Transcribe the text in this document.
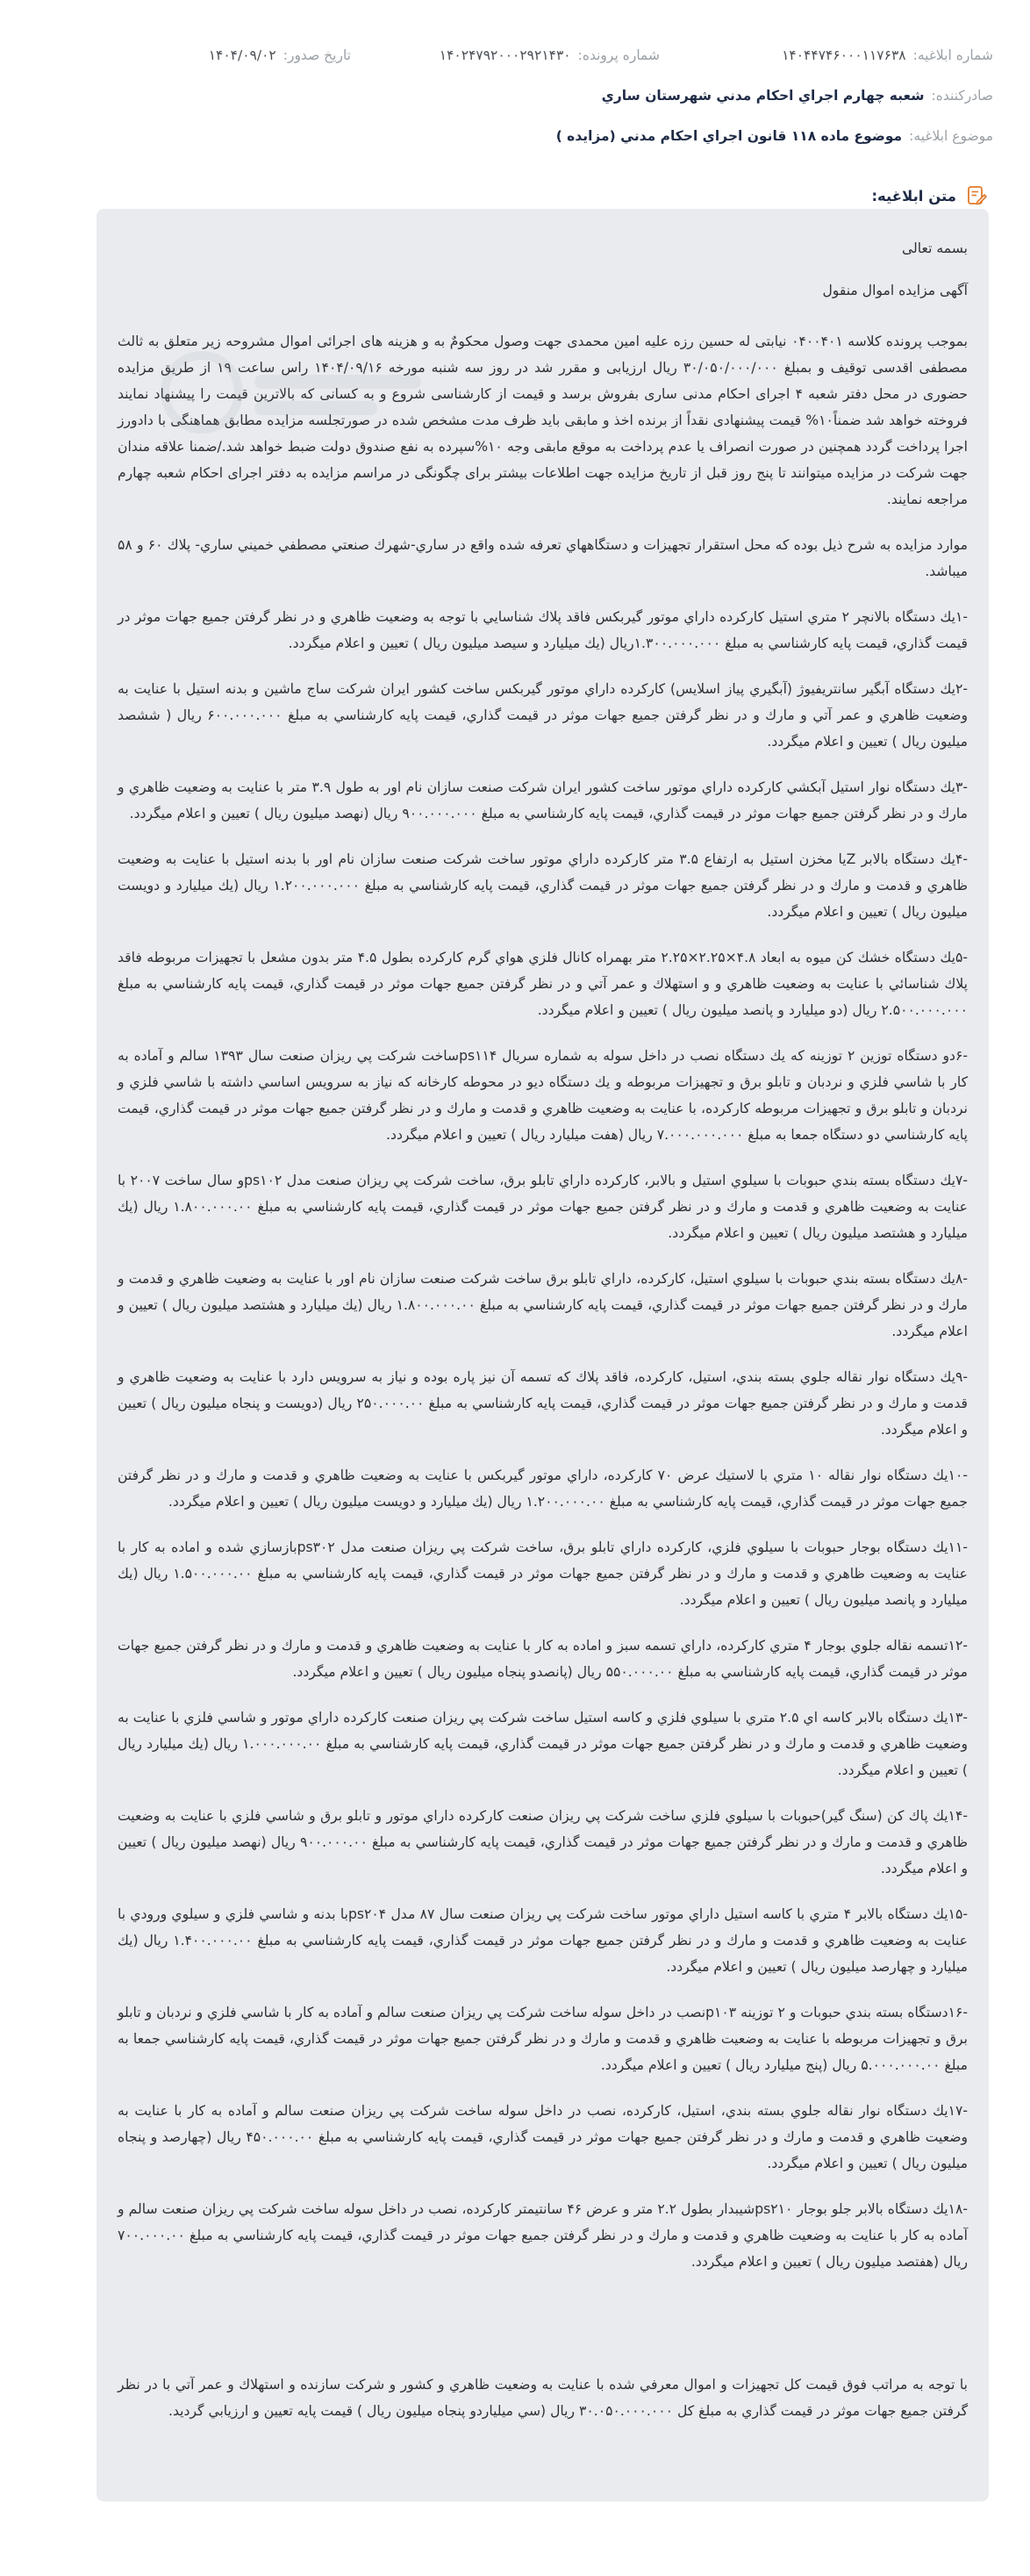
شماره ابلاغیه:
۱۴۰۴۴۷۴۶۰۰۰۱۱۷۶۳۸
شماره پرونده:
۱۴۰۲۴۷۹۲۰۰۰۲۹۲۱۴۳۰
تاریخ صدور:
۱۴۰۴/۰۹/۰۲
صادرکننده:
شعبه چهارم اجراي احكام مدني شهرستان ساري
موضوع ابلاغیه:
موضوع ماده ۱۱۸ قانون اجراي احكام مدني (مزايده )
متن ابلاغیه:

بسمه تعالی

آگهی مزایده اموال منقول

بموجب پرونده كلاسه ۰۴۰۰۴۰۱ نیابتی له حسین رزه علیه امین محمدی جهت وصول محکومٌ به و هزینه های اجرائی اموال مشروحه زیر متعلق به ثالث مصطفی اقدسی توقیف و بمبلغ ۳۰/۰۵۰/۰۰۰/۰۰۰ ریال ارزیابی و مقرر شد در روز سه شنبه مورخه ۱۴۰۴/۰۹/۱۶ راس ساعت ۱۹ از طریق مزایده حضوری در محل دفتر شعبه ۴ اجرای احکام مدنی ساری بفروش برسد و قیمت از کارشناسی شروع و به کسانی که بالاترین قیمت را پیشنهاد نمایند فروخته خواهد شد ضمناً۱۰% قیمت پیشنهادی نقداً از برنده اخذ و مابقی باید ظرف مدت مشخص شده در صورتجلسه مزایده مطابق هماهنگی با دادورز اجرا پرداخت گردد همچنین در صورت انصراف یا عدم پرداخت به موقع مابقی وجه ۱۰%سپرده به نفع صندوق دولت ضبط خواهد شد./ضمنا علاقه مندان جهت شرکت در مزایده میتوانند تا پنج روز قبل از تاریخ مزایده جهت اطلاعات بیشتر برای چگونگی در مراسم مزایده به دفتر اجرای احکام شعبه چهارم مراجعه نمایند.

موارد مزايده به شرح ذيل بوده كه محل استقرار تجهيزات و دستگاههاي تعرفه شده واقع در ساري-شهرك صنعتي مصطفي خميني ساري- پلاك ۶۰ و ۵۸ ميباشد.

-۱يك دستگاه بالانچر ۲ متري استيل كاركرده داراي موتور گيربكس فاقد پلاك شناسايي با توجه به وضعيت ظاهري و در نظر گرفتن جميع جهات موثر در قيمت گذاري، قيمت پايه كارشناسي به مبلغ ۱.۳۰۰.۰۰۰.۰۰۰ريال (يك ميليارد و سيصد ميليون ريال ) تعيين و اعلام ميگردد.

-۲يك دستگاه آبگير سانتريفيوژ (آبگيري پياز اسلايس) كاركرده داراي موتور گيربكس ساخت كشور ايران شركت ساج ماشين و بدنه استيل با عنايت به وضعيت ظاهري و عمر آتي و مارك و در نظر گرفتن جميع جهات موثر در قيمت گذاري، قيمت پايه كارشناسي به مبلغ ۶۰۰.۰۰۰.۰۰۰ ريال ( ششصد ميليون ريال ) تعيين و اعلام ميگردد.

-۳يك دستگاه نوار استيل آبكشي كاركرده داراي موتور ساخت كشور ايران شركت صنعت سازان نام اور به طول ۳.۹ متر با عنايت به وضعيت ظاهري و مارك و در نظر گرفتن جميع جهات موثر در قيمت گذاري، قيمت پايه كارشناسي به مبلغ ۹۰۰.۰۰۰.۰۰۰ ريال (نهصد ميليون ريال ) تعيين و اعلام ميگردد.

-۴يك دستگاه بالابر Zيا مخزن استيل به ارتفاع ۳.۵ متر كاركرده داراي موتور ساخت شركت صنعت سازان نام اور با بدنه استيل با عنايت به وضعيت ظاهري و قدمت و مارك و در نظر گرفتن جميع جهات موثر در قيمت گذاري، قيمت پايه كارشناسي به مبلغ ۱.۲۰۰.۰۰۰.۰۰۰ ريال (يك ميليارد و دويست ميليون ريال ) تعيين و اعلام ميگردد.

-۵يك دستگاه خشك كن ميوه به ابعاد ۴.۸×۲.۲۵×۲.۲۵ متر بهمراه كانال فلزي هواي گرم كاركرده بطول ۴.۵ متر بدون مشعل با تجهيزات مربوطه فاقد پلاك شناسائي با عنايت به وضعيت ظاهري و و استهلاك و عمر آتي و در نظر گرفتن جميع جهات موثر در قيمت گذاري، قيمت پايه كارشناسي به مبلغ ۲.۵۰۰.۰۰۰.۰۰۰ ريال (دو ميليارد و پانصد ميليون ريال ) تعيين و اعلام ميگردد.

-۶دو دستگاه توزين ۲ توزينه كه يك دستگاه نصب در داخل سوله به شماره سريال ps۱۱۴ساخت شركت پي ريزان صنعت سال ۱۳۹۳ سالم و آماده به كار با شاسي فلزي و نردبان و تابلو برق و تجهيزات مربوطه و يك دستگاه ديو در محوطه كارخانه كه نياز به سرويس اساسي داشته با شاسي فلزي و نردبان و تابلو برق و تجهيزات مربوطه كاركرده، با عنايت به وضعيت ظاهري و قدمت و مارك و در نظر گرفتن جميع جهات موثر در قيمت گذاري، قيمت پايه كارشناسي دو دستگاه جمعا به مبلغ ۷.۰۰۰.۰۰۰.۰۰۰ ريال (هفت ميليارد ريال ) تعيين و اعلام ميگردد.

-۷يك دستگاه بسته بندي حبوبات با سيلوي استيل و بالابر، كاركرده داراي تابلو برق، ساخت شركت پي ريزان صنعت مدل ps۱۰۲و سال ساخت ۲۰۰۷ با عنايت به وضعيت ظاهري و قدمت و مارك و در نظر گرفتن جميع جهات موثر در قيمت گذاري، قيمت پايه كارشناسي به مبلغ ۱.۸۰۰.۰۰۰.۰۰ ريال (يك ميليارد و هشتصد ميليون ريال ) تعيين و اعلام ميگردد.

-۸يك دستگاه بسته بندي حبوبات با سيلوي استيل، كاركرده، داراي تابلو برق ساخت شركت صنعت سازان نام اور با عنايت به وضعيت ظاهري و قدمت و مارك و در نظر گرفتن جميع جهات موثر در قيمت گذاري، قيمت پايه كارشناسي به مبلغ ۱.۸۰۰.۰۰۰.۰۰ ريال (يك ميليارد و هشتصد ميليون ريال ) تعيين و اعلام ميگردد.

-۹يك دستگاه نوار نقاله جلوي بسته بندي، استيل، كاركرده، فاقد پلاك كه تسمه آن نيز پاره بوده و نياز به سرويس دارد با عنايت به وضعيت ظاهري و قدمت و مارك و در نظر گرفتن جميع جهات موثر در قيمت گذاري، قيمت پايه كارشناسي به مبلغ ۲۵۰.۰۰۰.۰۰ ريال (دويست و پنجاه ميليون ريال ) تعيين و اعلام ميگردد.

-۱۰يك دستگاه نوار نقاله ۱۰ متري با لاستيك عرض ۷۰ كاركرده، داراي موتور گيربكس با عنايت به وضعيت ظاهري و قدمت و مارك و در نظر گرفتن جميع جهات موثر در قيمت گذاري، قيمت پايه كارشناسي به مبلغ ۱.۲۰۰.۰۰۰.۰۰ ريال (يك ميليارد و دويست ميليون ريال ) تعيين و اعلام ميگردد.

-۱۱يك دستگاه بوجار حبوبات با سيلوي فلزي، كاركرده داراي تابلو برق، ساخت شركت پي ريزان صنعت مدل ps۳۰۲بازسازي شده و اماده به كار با عنايت به وضعيت ظاهري و قدمت و مارك و در نظر گرفتن جميع جهات موثر در قيمت گذاري، قيمت پايه كارشناسي به مبلغ ۱.۵۰۰.۰۰۰.۰۰ ريال (يك ميليارد و پانصد ميليون ريال ) تعيين و اعلام ميگردد.

-۱۲تسمه نقاله جلوي بوجار ۴ متري كاركرده، داراي تسمه سبز و اماده به كار با عنايت به وضعيت ظاهري و قدمت و مارك و در نظر گرفتن جميع جهات موثر در قيمت گذاري، قيمت پايه كارشناسي به مبلغ ۵۵۰.۰۰۰.۰۰ ريال (پانصدو پنجاه ميليون ريال ) تعيين و اعلام ميگردد.

-۱۳يك دستگاه بالابر كاسه اي ۲.۵ متري با سيلوي فلزي و كاسه استيل ساخت شركت پي ريزان صنعت كاركرده داراي موتور و شاسي فلزي با عنايت به وضعيت ظاهري و قدمت و مارك و در نظر گرفتن جميع جهات موثر در قيمت گذاري، قيمت پايه كارشناسي به مبلغ ۱.۰۰۰.۰۰۰.۰۰ ريال (يك ميليارد ريال ) تعيين و اعلام ميگردد.

-۱۴يك پاك كن (سنگ گير)حبوبات با سيلوي فلزي ساخت شركت پي ريزان صنعت كاركرده داراي موتور و تابلو برق و شاسي فلزي با عنايت به وضعيت ظاهري و قدمت و مارك و در نظر گرفتن جميع جهات موثر در قيمت گذاري، قيمت پايه كارشناسي به مبلغ ۹۰۰.۰۰۰.۰۰ ريال (نهصد ميليون ريال ) تعيين و اعلام ميگردد.

-۱۵يك دستگاه بالابر ۴ متري با كاسه استيل داراي موتور ساخت شركت پي ريزان صنعت سال ۸۷ مدل ps۲۰۴با بدنه و شاسي فلزي و سيلوي ورودي با عنايت به وضعيت ظاهري و قدمت و مارك و در نظر گرفتن جميع جهات موثر در قيمت گذاري، قيمت پايه كارشناسي به مبلغ ۱.۴۰۰.۰۰۰.۰۰ ريال (يك ميليارد و چهارصد ميليون ريال ) تعيين و اعلام ميگردد.

-۱۶دستگاه بسته بندي حبوبات و ۲ توزينه p۱۰۳نصب در داخل سوله ساخت شركت پي ريزان صنعت سالم و آماده به كار با شاسي فلزي و نردبان و تابلو برق و تجهيزات مربوطه با عنايت به وضعيت ظاهري و قدمت و مارك و در نظر گرفتن جميع جهات موثر در قيمت گذاري، قيمت پايه كارشناسي جمعا به مبلغ ۵.۰۰۰.۰۰۰.۰۰ ريال (پنج ميليارد ريال ) تعيين و اعلام ميگردد.

-۱۷يك دستگاه نوار نقاله جلوي بسته بندي، استيل، كاركرده، نصب در داخل سوله ساخت شركت پي ريزان صنعت سالم و آماده به كار با عنايت به وضعيت ظاهري و قدمت و مارك و در نظر گرفتن جميع جهات موثر در قيمت گذاري، قيمت پايه كارشناسي به مبلغ ۴۵۰.۰۰۰.۰۰ ريال (چهارصد و پنجاه ميليون ريال ) تعيين و اعلام ميگردد.

-۱۸يك دستگاه بالابر جلو بوجار ps۲۱۰شيبدار بطول ۲.۲ متر و عرض ۴۶ سانتيمتر كاركرده، نصب در داخل سوله ساخت شركت پي ريزان صنعت سالم و آماده به كار با عنايت به وضعيت ظاهري و قدمت و مارك و در نظر گرفتن جميع جهات موثر در قيمت گذاري، قيمت پايه كارشناسي به مبلغ ۷۰۰.۰۰۰.۰۰ ريال (هفتصد ميليون ريال ) تعيين و اعلام ميگردد.

با توجه به مراتب فوق قيمت كل تجهيزات و اموال معرفي شده با عنايت به وضعيت ظاهري و كشور و شركت سازنده و استهلاك و عمر آتي با در نظر گرفتن جميع جهات موثر در قيمت گذاري به مبلغ كل ۳۰.۰۵۰.۰۰۰.۰۰۰ ريال (سي ميلياردو پنجاه ميليون ريال ) قيمت پايه تعيين و ارزيابي گرديد.
